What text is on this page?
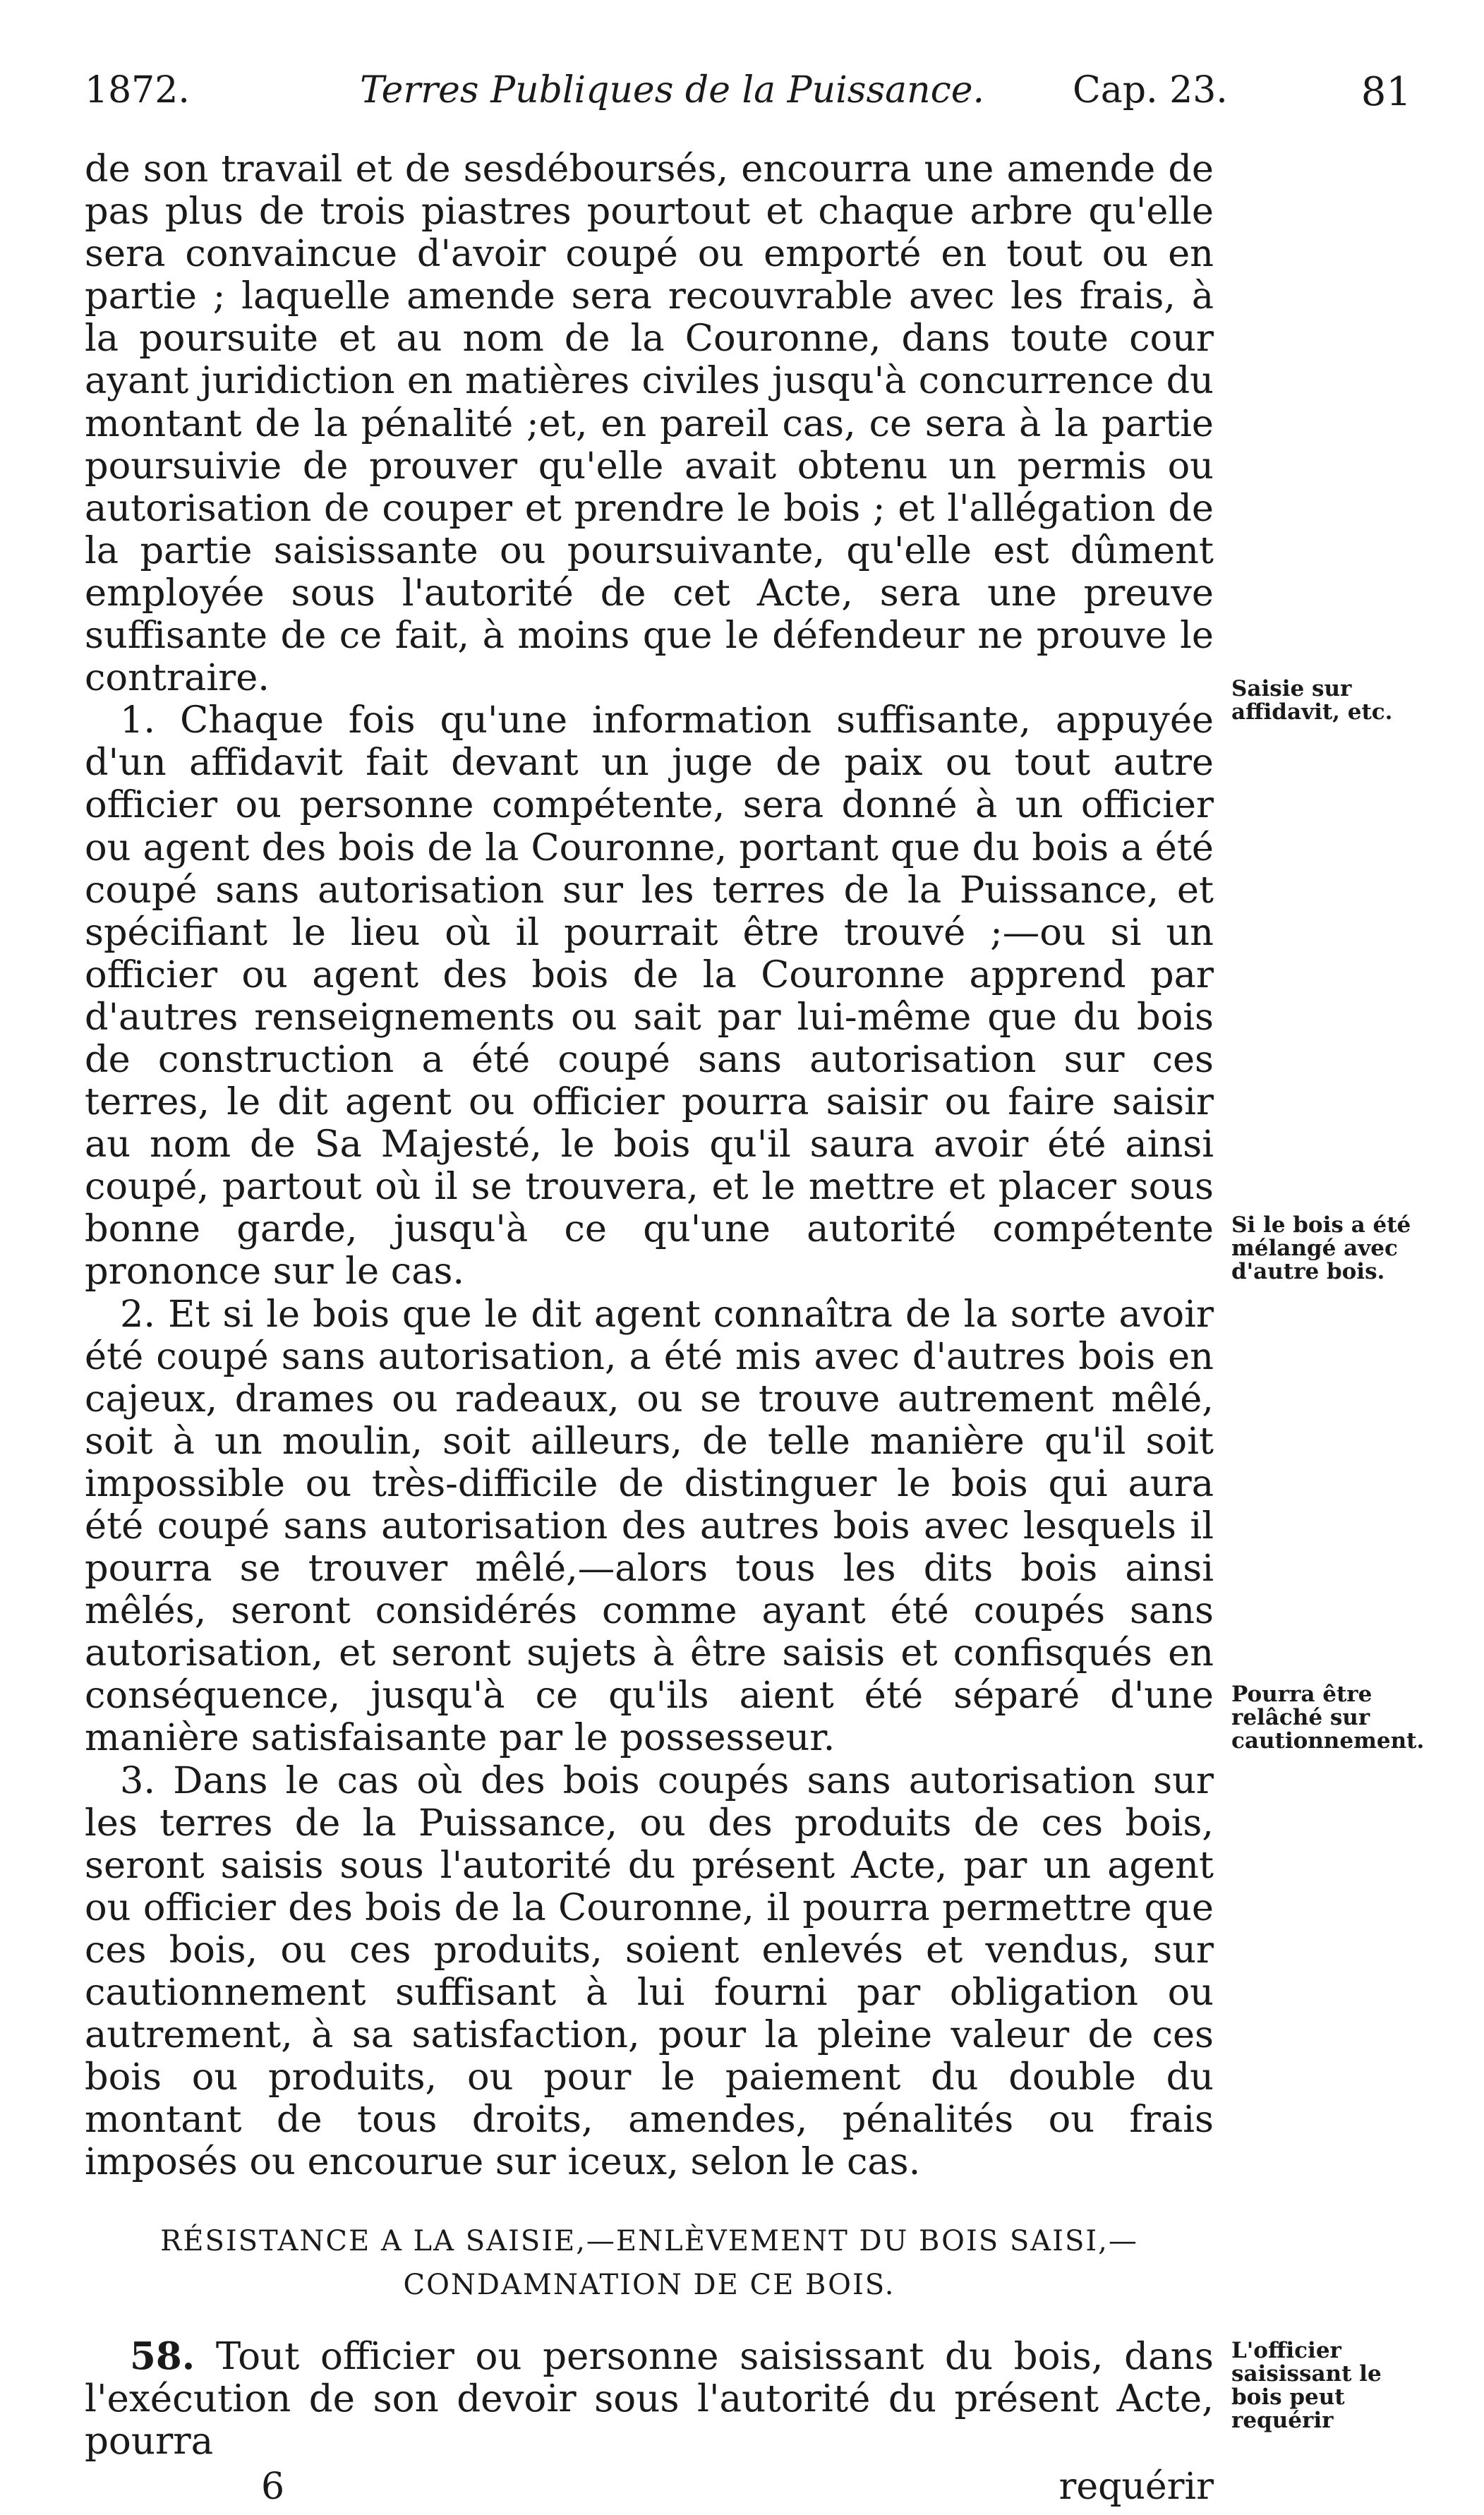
1872.	Terres Publiques de la Puissance. Cap. 23.	81

de son travail et de sesdéboursés, encourra une amende de pas plus de trois piastres pourtout et chaque arbre qu'elle sera convaincue d'avoir coupé ou emporté en tout ou en partie ; laquelle amende sera recouvrable avec les frais, à la poursuite et au nom de la Couronne, dans toute cour ayant juridiction en matières civiles jusqu'à concurrence du montant de la pénalité ;et, en pareil cas, ce sera à la partie poursuivie de prouver qu'elle avait obtenu un permis ou autorisation de couper et prendre le bois ; et l'allégation de la partie saisissante ou poursuivante, qu'elle est dûment employée sous l'autorité de cet Acte, sera une preuve suffisante de ce fait, à moins que le défendeur ne prouve le contraire.

1. Chaque fois qu'une information suffisante, appuyée d'un affidavit fait devant un juge de paix ou tout autre officier ou personne compétente, sera donné à un officier ou agent des bois de la Couronne, portant que du bois a été coupé sans autorisation sur les terres de la Puissance, et spécifiant le lieu où il pourrait être trouvé ;—ou si un officier ou agent des bois de la Couronne apprend par d'autres renseignements ou sait par lui-même que du bois de construction a été coupé sans autorisation sur ces terres, le dit agent ou officier pourra saisir ou faire saisir au nom de Sa Majesté, le bois qu'il saura avoir été ainsi coupé, partout où il se trouvera, et le mettre et placer sous bonne garde, jusqu'à ce qu'une autorité compétente prononce sur le cas.

2. Et si le bois que le dit agent connaîtra de la sorte avoir été coupé sans autorisation, a été mis avec d'autres bois en cajeux, drames ou radeaux, ou se trouve autrement mêlé, soit à un moulin, soit ailleurs, de telle manière qu'il soit impossible ou très-difficile de distinguer le bois qui aura été coupé sans autorisation des autres bois avec lesquels il pourra se trouver mêlé,—alors tous les dits bois ainsi mêlés, seront considérés comme ayant été coupés sans autorisation, et seront sujets à être saisis et confisqués en conséquence, jusqu'à ce qu'ils aient été séparé d'une manière satisfaisante par le possesseur.

3. Dans le cas où des bois coupés sans autorisation sur les terres de la Puissance, ou des produits de ces bois, seront saisis sous l'autorité du présent Acte, par un agent ou officier des bois de la Couronne, il pourra permettre que ces bois, ou ces produits, soient enlevés et vendus, sur cautionnement suffisant à lui fourni par obligation ou autrement, à sa satisfaction, pour la pleine valeur de ces bois ou produits, ou pour le paiement du double du montant de tous droits, amendes, pénalités ou frais imposés ou encourue sur iceux, selon le cas.

Saisie sur affidavit, etc.
Si le bois a été mélangé avec d'autre bois.
Pourra être relâché sur cautionnement.
RÉSISTANCE A LA SAISIE,—ENLÈVEMENT DU BOIS SAISI,—
CONDAMNATION DE CE BOIS.

58. Tout officier ou personne saisissant du bois, dans l'exécution de son devoir sous l'autorité du présent Acte, pourra

L'officier saisissant le bois peut requérir
6	requérir
